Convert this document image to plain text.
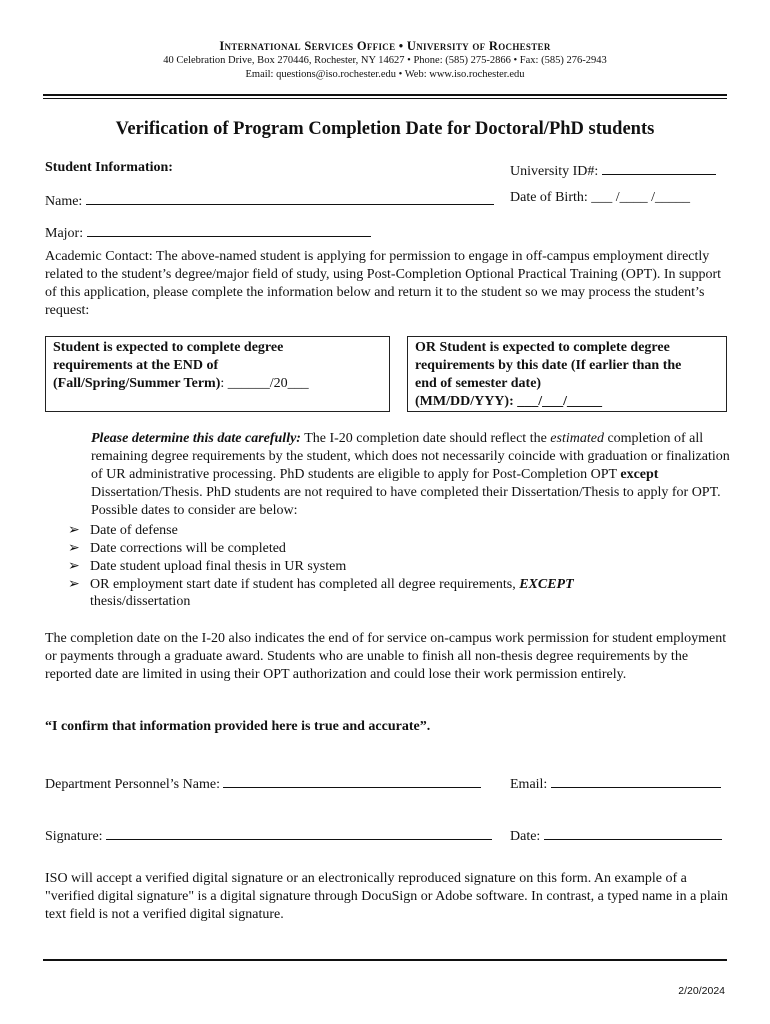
International Services Office • University of Rochester
40 Celebration Drive, Box 270446, Rochester, NY 14627 • Phone: (585) 275-2866 • Fax: (585) 276-2943
Email: questions@iso.rochester.edu • Web: www.iso.rochester.edu
Verification of Program Completion Date for Doctoral/PhD students
Student Information:	University ID#:
Name:	Date of Birth: ___ /____ /_____
Major:
Academic Contact: The above-named student is applying for permission to engage in off-campus employment directly related to the student’s degree/major field of study, using Post-Completion Optional Practical Training (OPT). In support of this application, please complete the information below and return it to the student so we may process the student’s request:
Student is expected to complete degree
requirements at the END of
(Fall/Spring/Summer Term): ______/20___
OR Student is expected to complete degree
requirements by this date (If earlier than the
end of semester date)
(MM/DD/YYY): ___/___/_____
Please determine this date carefully: The I-20 completion date should reflect the estimated completion of all remaining degree requirements by the student, which does not necessarily coincide with graduation or finalization of UR administrative processing. PhD students are eligible to apply for Post-Completion OPT except Dissertation/Thesis. PhD students are not required to have completed their Dissertation/Thesis to apply for OPT. Possible dates to consider are below:
➢ Date of defense
➢ Date corrections will be completed
➢ Date student upload final thesis in UR system
➢ OR employment start date if student has completed all degree requirements, EXCEPT
thesis/dissertation
The completion date on the I-20 also indicates the end of for service on-campus work permission for student employment or payments through a graduate award. Students who are unable to finish all non-thesis degree requirements by the reported date are limited in using their OPT authorization and could lose their work permission entirely.
“I confirm that information provided here is true and accurate”.
Department Personnel’s Name:	Email:
Signature:	Date:
ISO will accept a verified digital signature or an electronically reproduced signature on this form. An example of a "verified digital signature" is a digital signature through DocuSign or Adobe software. In contrast, a typed name in a plain text field is not a verified digital signature.
2/20/2024
